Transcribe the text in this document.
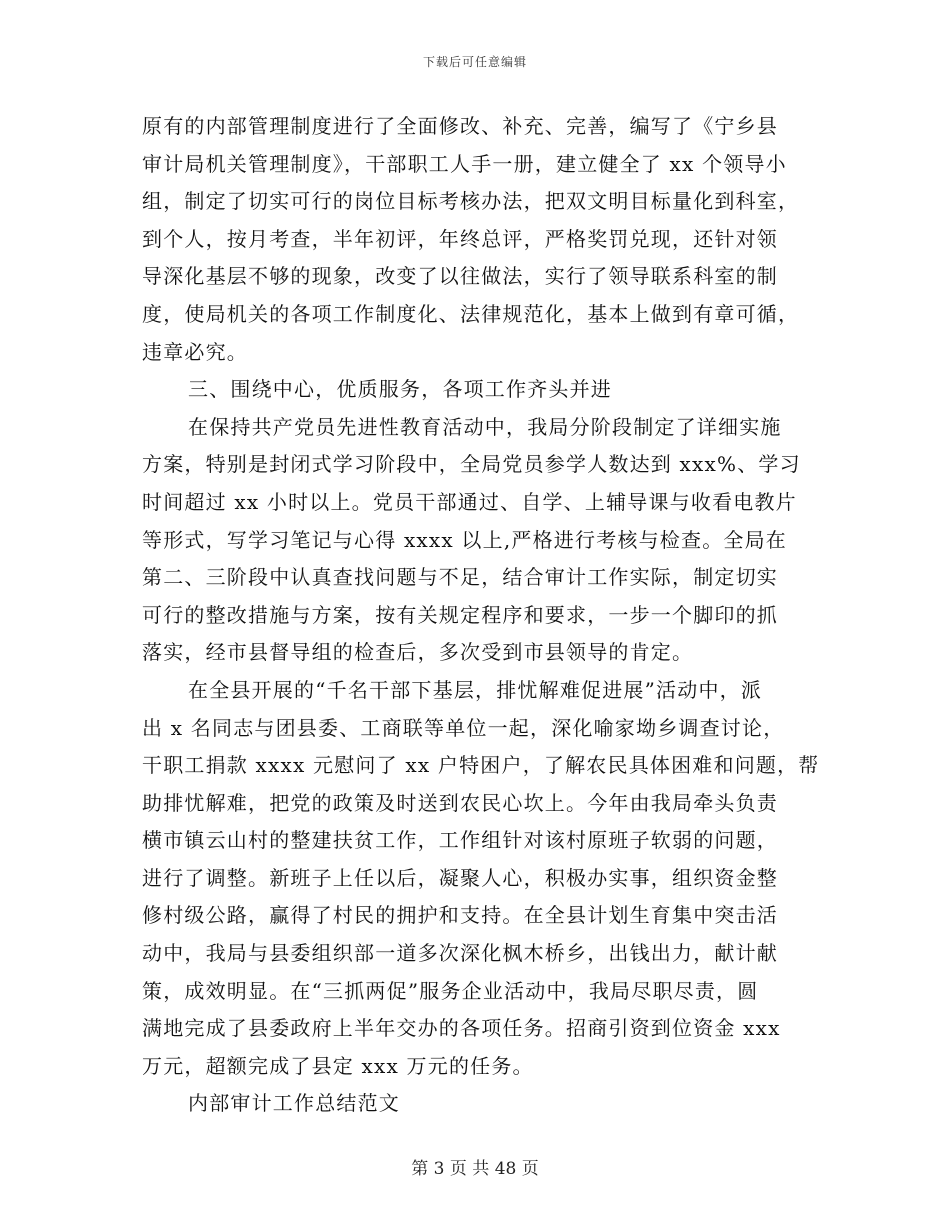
下载后可任意编辑
原有的内部管理制度进行了全面修改、补充、完善，编写了《宁乡县
审计局机关管理制度》，干部职工人手一册，建立健全了 xx 个领导小
组，制定了切实可行的岗位目标考核办法，把双文明目标量化到科室，
到个人，按月考查，半年初评，年终总评，严格奖罚兑现，还针对领
导深化基层不够的现象，改变了以往做法，实行了领导联系科室的制
度，使局机关的各项工作制度化、法律规范化，基本上做到有章可循，
违章必究。
三、围绕中心，优质服务，各项工作齐头并进
在保持共产党员先进性教育活动中，我局分阶段制定了详细实施
方案，特别是封闭式学习阶段中，全局党员参学人数达到 xxx%、学习
时间超过 xx 小时以上。党员干部通过、自学、上辅导课与收看电教片
等形式，写学习笔记与心得 xxxx 以上,严格进行考核与检查。全局在
第二、三阶段中认真查找问题与不足，结合审计工作实际，制定切实
可行的整改措施与方案，按有关规定程序和要求，一步一个脚印的抓
落实，经市县督导组的检查后，多次受到市县领导的肯定。
在全县开展的“千名干部下基层，排忧解难促进展”活动中，派
出 x 名同志与团县委、工商联等单位一起，深化喻家坳乡调查讨论，
干职工捐款 xxxx 元慰问了 xx 户特困户，了解农民具体困难和问题，帮
助排忧解难，把党的政策及时送到农民心坎上。今年由我局牵头负责
横市镇云山村的整建扶贫工作，工作组针对该村原班子软弱的问题，
进行了调整。新班子上任以后，凝聚人心，积极办实事，组织资金整
修村级公路，赢得了村民的拥护和支持。在全县计划生育集中突击活
动中，我局与县委组织部一道多次深化枫木桥乡，出钱出力，献计献
策，成效明显。在“三抓两促”服务企业活动中，我局尽职尽责，圆
满地完成了县委政府上半年交办的各项任务。招商引资到位资金 xxx
万元，超额完成了县定 xxx 万元的任务。
内部审计工作总结范文
第 3 页 共 48 页
